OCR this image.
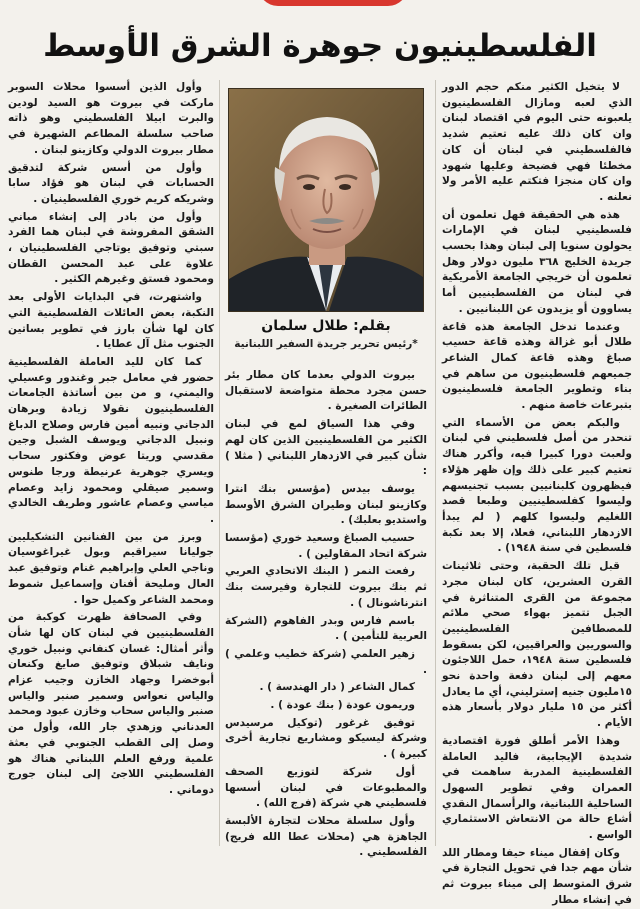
الفلسطينيون جوهرة الشرق الأوسط

لا يتخيل الكثير منكم حجم الدور الذي لعبه ومازال الفلسطينيون يلعبونه حتى اليوم في اقتصاد لبنان وان كان ذلك عليه تعتيم شديد فالفلسطيني في لبنان أن كان مخطئا فهي فضيحة وعليها شهود وان كان منجزا فتكتم عليه الأمر ولا نعلنه .

هذه هي الحقيقة فهل تعلمون أن فلسطينيي لبنان في الإمارات يحولون سنويا إلى لبنان وهذا بحسب جريدة الخليج ٣٦٨ مليون دولار وهل تعلمون أن خريجي الجامعة الأمريكية في لبنان من الفلسطينيين أما يساوون أو يزيدون عن اللبنانيين .

وعندما تدخل الجامعة هذه قاعة طلال أبو غزالة وهذه قاعة حسيب صباغ وهذه قاعة كمال الشاعر جميعهم فلسطينيون من ساهم في بناء وتطوير الجامعة فلسطينيون بتبرعات خاصة منهم .

والبكم بعض من الأسماء التي تنحدر من أصل فلسطيني في لبنان ولعبت دورا كبيرا فيه، وأكرر هناك تعتيم كبير على ذلك وإن ظهر هؤلاء فيظهرون كلبنانيين بسبب تجنيسهم وليسوا كفلسطينيين وطبعا قصد اللغليم وليسوا كلهم ( لم يبدأ الازدهار اللبناني، فعلا، إلا بعد نكبة فلسطين في سنة ١٩٤٨) .

قبل تلك الحقبة، وحتى ثلاثينات القرن العشرين، كان لبنان مجرد مجموعة من القرى المتناثرة في الجبل تتميز بهواء صحي ملائم للمصطافين الفلسطينيين والسوريين والعراقيين، لكن بسقوط فلسطين سنة ١٩٤٨، حمل اللاجئون معهم إلى لبنان دفعة واحدة نحو ١٥مليون جنيه إسترليني، أي ما يعادل أكثر من ١٥ مليار دولار بأسعار هذه الأيام .

وهذا الأمر أطلق فورة اقتصادية شديدة الإيجابية، فاليد العاملة الفلسطينية المدربة ساهمت في العمران وفي تطوير السهول الساحلية اللبنانية، والرأسمال النقدي أشاع حالة من الانتعاش الاستثماري الواسع .

وكان إقفال ميناء حيفا ومطار اللد شأن مهم جدا في تحويل التجارة في شرق المتوسط إلى ميناء بيروت ثم في إنشاء مطار

بقلم: طلال سلمان
*رئيس تحرير جريدة السفير اللبنانية

بيروت الدولي بعدما كان مطار بئر حسن مجرد محطة متواضعة لاستقبال الطائرات الصغيرة .

وفي هذا السياق لمع في لبنان الكثير من الفلسطينيين الذين كان لهم شأن كبير في الازدهار اللبناني ( مثلا ) :

يوسف بيدس (مؤسس بنك انترا وكازينو لبنان وطيران الشرق الأوسط واستديو بعلبك) .

حسيب الصباغ وسعيد خوري (مؤسسا شركة اتحاد المقاولين ) .

رفعت النمر ( البنك الاتحادي العربي ثم بنك بيروت للتجارة وفيرست بنك انترناشونال ) .

باسم فارس وبدر الفاهوم (الشركة العربية للتأمين ) .

زهير العلمي (شركة خطيب وعلمي ) .

كمال الشاعر ( دار الهندسة ) .

وريمون عودة ( بنك عودة ) .

توفيق غرغور (توكيل مرسيدس وشركة ليسيكو ومشاريع تجارية أخرى كبيرة ) .

أول شركة لتوزيع الصحف والمطبوعات في لبنان أسسها فلسطيني هي شركة (فرج الله) .

وأول سلسلة محلات لتجارة الألبسة الجاهزة هي (محلات عطا الله فريج) الفلسطيني .

وأول الذين أسسوا محلات السوبر ماركت في بيروت هو السيد لودين والبرت ابيلا الفلسطيني وهو ذاته صاحب سلسلة المطاعم الشهيرة في مطار بيروت الدولي وكازينو لبنان .

وأول من أسس شركة لتدقيق الحسابات في لبنان هو فؤاد سابا وشريكه كريم خوري الفلسطينيان .

وأول من بادر إلى إنشاء مباني الشقق المفروشة في لبنان هما الفرد سبتي وتوفيق يوتاجي الفلسطينيان ، علاوة على عبد المحسن القطان ومحمود فستق وغيرهم الكثير .

واشتهرت، في البدايات الأولى بعد النكبة، بعض العائلات الفلسطينية التي كان لها شأن بارز في تطوير بساتين الجنوب مثل آل عطايا .

كما كان لليد العاملة الفلسطينية حضور في معامل جبر وغندور وعسيلي واليمني، و من بين أساتذة الجامعات الفلسطينيون نقولا زيادة وبرهان الدجاني ونبيه أمين فارس وصلاح الدباغ ونبيل الدجاني ويوسف الشبل وجين مقدسي وريتا عوض وفكتور سحاب ويسري جوهرية عرنيطة ورجا طنوس وسمير صيقلي ومحمود زايد وعصام مياسي وعصام عاشور وطريف الخالدي .

وبرز من بين الفنانين التشكيليين جوليانا سيراقيم وبول غيراغوسيان وناجي العلي وإبراهيم غنام وتوفيق عبد العال ومليحة أفنان وإسماعيل شموط ومحمد الشاعر وكميل حوا .

وفي الصحافة ظهرت كوكبة من الفلسطينيين في لبنان كان لها شأن وأثر أمثال: غسان كنفاني ونبيل خوري ونايف شبلاق وتوفيق صايغ وكنعان أبوخضرا وجهاد الخازن وجيب عزام والياس نعواس وسمير صنبر والياس صنبر والياس سحاب وخازن عبود ومحمد العدناني وزهدي جار الله، وأول من وصل إلى القطب الجنوبي في بعثة علمية ورفع العلم اللبناني هناك هو الفلسطيني اللاجئ إلى لبنان جورج دوماني .
